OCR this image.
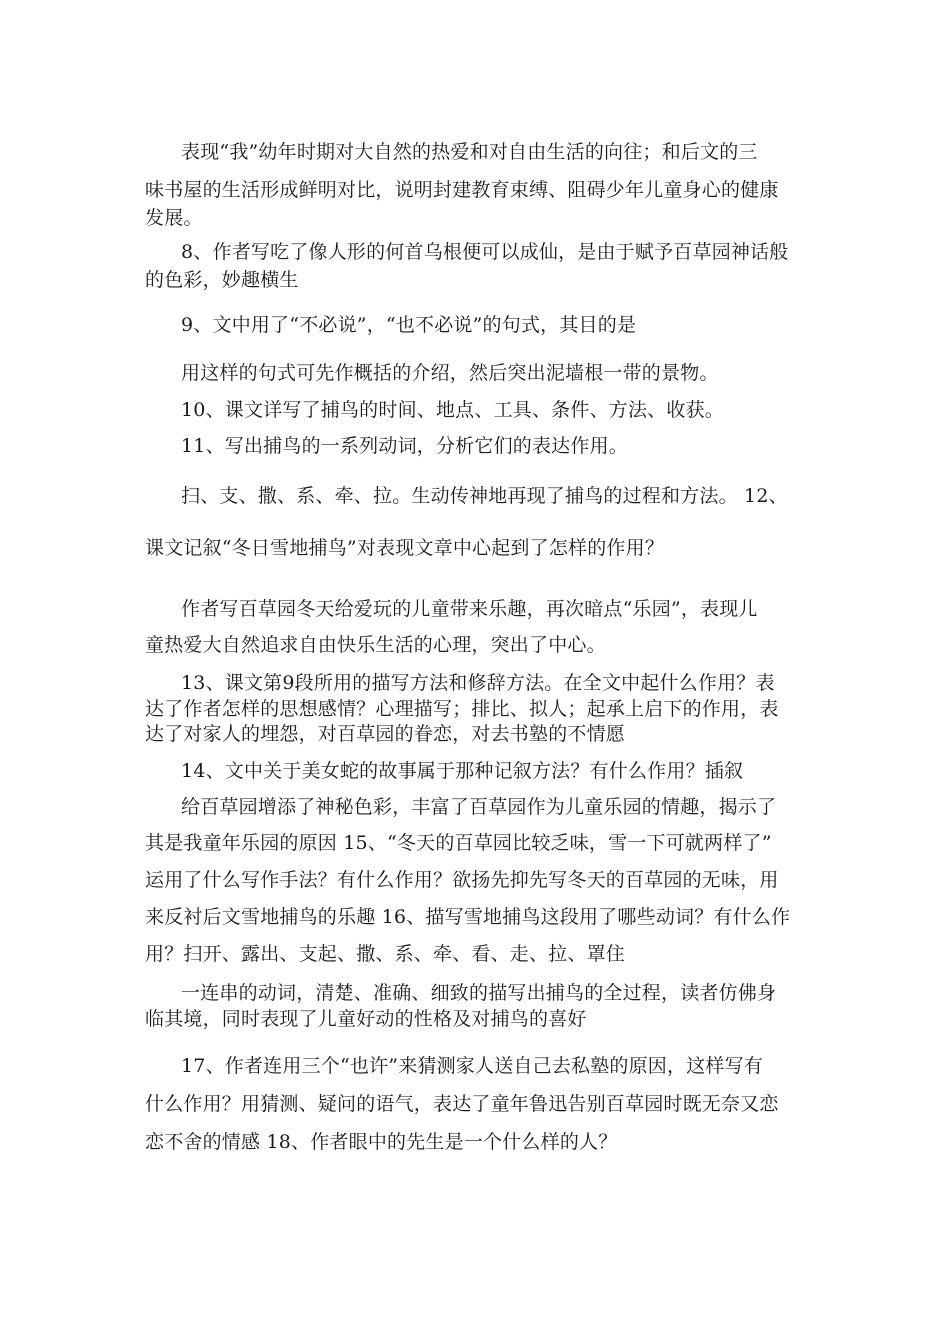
表现“我”幼年时期对大自然的热爱和对自由生活的向往；和后文的三
味书屋的生活形成鲜明对比，说明封建教育束缚、阻碍少年儿童身心的健康
发展。
8、作者写吃了像人形的何首乌根便可以成仙，是由于赋予百草园神话般
的色彩，妙趣横生
9、文中用了“不必说”，“也不必说”的句式，其目的是
用这样的句式可先作概括的介绍，然后突出泥墙根一带的景物。
10、课文详写了捕鸟的时间、地点、工具、条件、方法、收获。
11、写出捕鸟的一系列动词，分析它们的表达作用。
扫、支、撒、系、牵、拉。生动传神地再现了捕鸟的过程和方法。 12、
课文记叙“冬日雪地捕鸟”对表现文章中心起到了怎样的作用？
作者写百草园冬天给爱玩的儿童带来乐趣，再次暗点“乐园”，表现儿
童热爱大自然追求自由快乐生活的心理，突出了中心。
13、课文第9段所用的描写方法和修辞方法。在全文中起什么作用？表
达了作者怎样的思想感情？心理描写；排比、拟人；起承上启下的作用，表
达了对家人的埋怨，对百草园的眷恋，对去书塾的不情愿
14、文中关于美女蛇的故事属于那种记叙方法？有什么作用？插叙
给百草园增添了神秘色彩，丰富了百草园作为儿童乐园的情趣，揭示了
其是我童年乐园的原因 15、“冬天的百草园比较乏味，雪一下可就两样了”
运用了什么写作手法？有什么作用？欲扬先抑先写冬天的百草园的无味，用
来反衬后文雪地捕鸟的乐趣 16、描写雪地捕鸟这段用了哪些动词？有什么作
用？扫开、露出、支起、撒、系、牵、看、走、拉、罩住
一连串的动词，清楚、准确、细致的描写出捕鸟的全过程，读者仿佛身
临其境，同时表现了儿童好动的性格及对捕鸟的喜好
17、作者连用三个“也许”来猜测家人送自己去私塾的原因，这样写有
什么作用？用猜测、疑问的语气，表达了童年鲁迅告别百草园时既无奈又恋
恋不舍的情感 18、作者眼中的先生是一个什么样的人？
